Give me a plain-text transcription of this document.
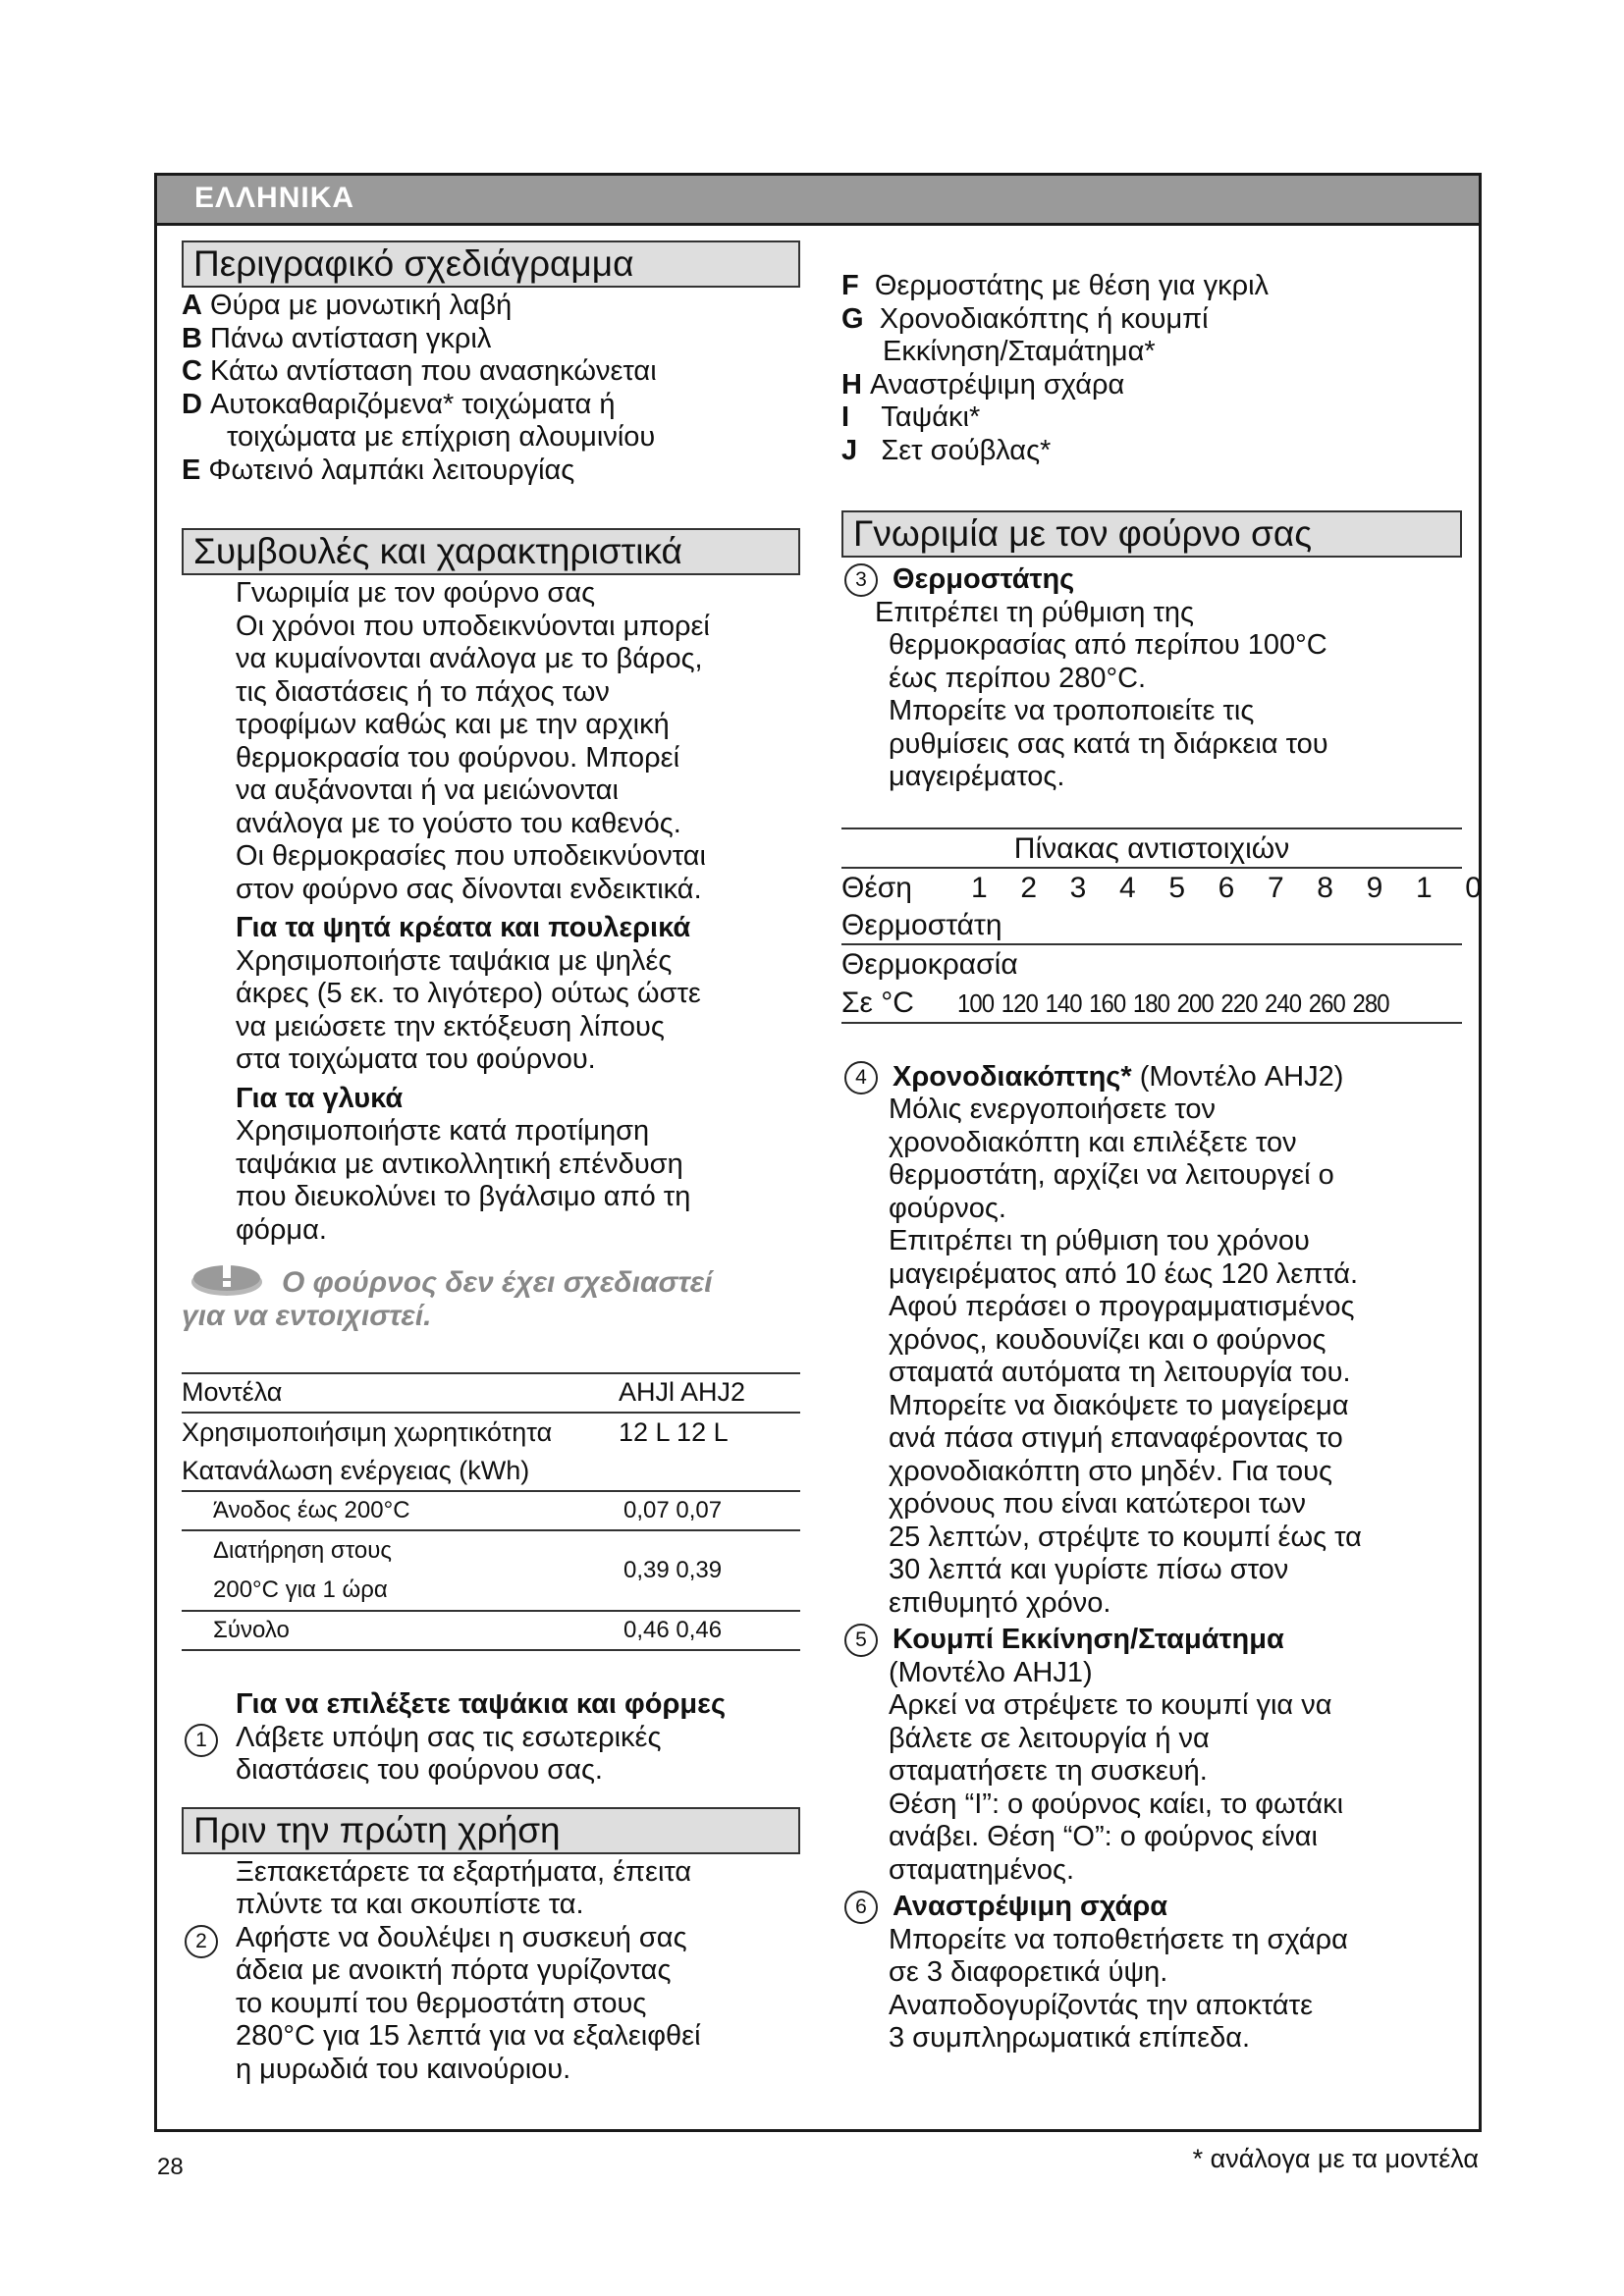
ΕΛΛΗΝΙΚΑ
Περιγραφικό σχεδιάγραμμα

A Θύρα με μονωτική λαβή

B Πάνω αντίσταση γκριλ

C Κάτω αντίσταση που ανασηκώνεται

D Αυτοκαθαριζόμενα* τοιχώματα ή

τοιχώματα με επίχριση αλουμινίου

E Φωτεινό λαμπάκι λειτουργίας

Συμβουλές και χαρακτηριστικά

Γνωριμία με τον φούρνο σας

Οι χρόνοι που υποδεικνύονται μπορεί

να κυμαίνονται ανάλογα με το βάρος,

τις διαστάσεις ή το πάχος των

τροφίμων καθώς και με την αρχική

θερμοκρασία του φούρνου. Μπορεί

να αυξάνονται ή να μειώνονται

ανάλογα με το γούστο του καθενός.

Οι θερμοκρασίες που υποδεικνύονται

στον φούρνο σας δίνονται ενδεικτικά.

Για τα ψητά κρέατα και πουλερικά

Χρησιμοποιήστε ταψάκια με ψηλές

άκρες (5 εκ. το λιγότερο) ούτως ώστε

να μειώσετε την εκτόξευση λίπους

στα τοιχώματα του φούρνου.

Για τα γλυκά

Χρησιμοποιήστε κατά προτίμηση

ταψάκια με αντικολλητική επένδυση

που διευκολύνει το βγάλσιμο από τη

φόρμα.

Ο φούρνος δεν έχει σχεδιαστεί
για να εντοιχιστεί.
Μοντέλα	AHJl AHJ2
Χρησιμοποιήσιμη χωρητικότητα	12 L 12 L
Κατανάλωση ενέργειας (kWh)	
Άνοδος έως 200°C	0,07 0,07

Διατήρηση στους
200°C για 1 ώρα	0,39 0,39
Σύνολο	0,46 0,46
1

Για να επιλέξετε ταψάκια και φόρμες

Λάβετε υπόψη σας τις εσωτερικές

διαστάσεις του φούρνου σας.

Πριν την πρώτη χρήση
2

Ξεπακετάρετε τα εξαρτήματα, έπειτα

πλύντε τα και σκουπίστε τα.

Αφήστε να δουλέψει η συσκευή σας

άδεια με ανοικτή πόρτα γυρίζοντας

το κουμπί του θερμοστάτη στους

280°C για 15 λεπτά για να εξαλειφθεί

η μυρωδιά του καινούριου.

F Θερμοστάτης με θέση για γκριλ

G Χρονοδιακόπτης ή κουμπί

Εκκίνηση/Σταμάτημα*

H Αναστρέψιμη σχάρα

I Ταψάκι*

J Σετ σούβλας*

Γνωριμία με τον φούρνο σας
3 Θερμοστάτης

Επιτρέπει τη ρύθμιση της

θερμοκρασίας από περίπου 100°C

έως περίπου 280°C.

Μπορείτε να τροποποιείτε τις

ρυθμίσεις σας κατά τη διάρκεια του

μαγειρέματος.

Πίνακας αντιστοιχιών
Θέση 1 2 3 4 5 6 7 8 9 1 0
Θερμοστάτη
Θερμοκρασία
Σε °C 100 120 140 160 180 200 220 240 260 280
4 Χρονοδιακόπτης* (Μοντέλο AHJ2)

Μόλις ενεργοποιήσετε τον

χρονοδιακόπτη και επιλέξετε τον

θερμοστάτη, αρχίζει να λειτουργεί ο

φούρνος.

Επιτρέπει τη ρύθμιση του χρόνου

μαγειρέματος από 10 έως 120 λεπτά.

Αφού περάσει ο προγραμματισμένος

χρόνος, κουδουνίζει και ο φούρνος

σταματά αυτόματα τη λειτουργία του.

Μπορείτε να διακόψετε το μαγείρεμα

ανά πάσα στιγμή επαναφέροντας το

χρονοδιακόπτη στο μηδέν. Για τους

χρόνους που είναι κατώτεροι των

25 λεπτών, στρέψτε το κουμπί έως τα

30 λεπτά και γυρίστε πίσω στον

επιθυμητό χρόνο.

5 Κουμπί Εκκίνηση/Σταμάτημα

(Μοντέλο AHJ1)

Αρκεί να στρέψετε το κουμπί για να

βάλετε σε λειτουργία ή να

σταματήσετε τη συσκευή.

Θέση “I”: ο φούρνος καίει, το φωτάκι

ανάβει. Θέση “O”: ο φούρνος είναι

σταματημένος.

6 Αναστρέψιμη σχάρα

Μπορείτε να τοποθετήσετε τη σχάρα

σε 3 διαφορετικά ύψη.

Αναποδογυρίζοντάς την αποκτάτε

3 συμπληρωματικά επίπεδα.

28	* ανάλογα με τα μοντέλα
